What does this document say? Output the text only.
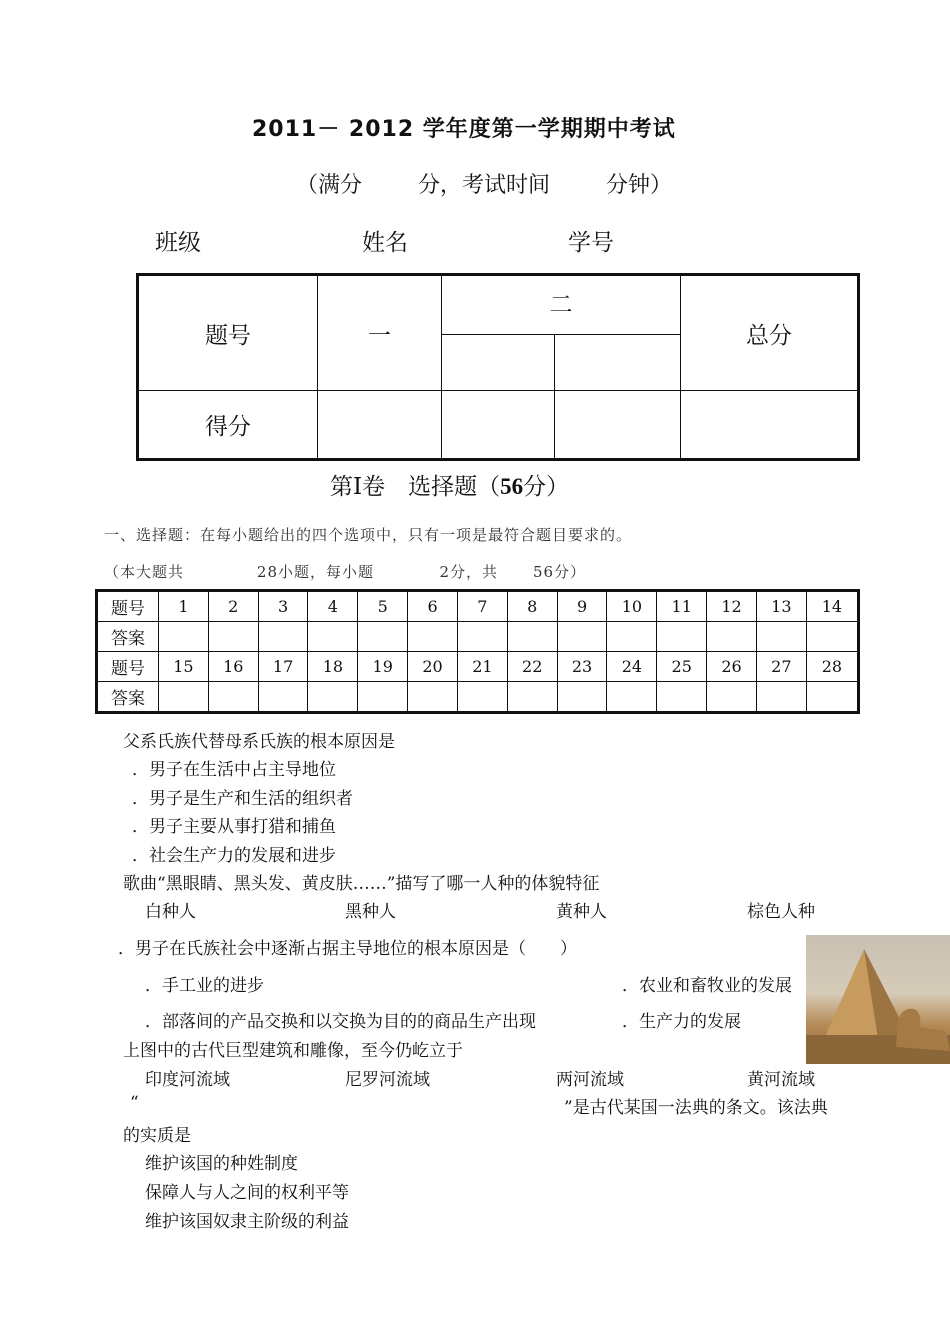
2011－ 2012 学年度第一学期期中考试
（满分	分，考试时间	分钟）
班级	姓名	学号
题号	一	二		总分

得分				
第Ⅰ卷　选择题（56分）
一、选择题：在每小题给出的四个选项中，只有一项是最符合题目要求的。
（本大题共	28小题，每小题	2分，共 56分）
题号	1	2	3	4	5	6	7	8	9	10	11	12	13	14
答案														
题号	15	16	17	18	19	20	21	22	23	24	25	26	27	28
答案														
父系氏族代替母系氏族的根本原因是
．男子在生活中占主导地位
．男子是生产和生活的组织者
．男子主要从事打猎和捕鱼
．社会生产力的发展和进步
歌曲“黑眼睛、黑头发、黄皮肤……”描写了哪一人种的体貌特征
白种人	黑种人	黄种人	棕色人种
．男子在氏族社会中逐渐占据主导地位的根本原因是（　　）
．手工业的进步	．农业和畜牧业的发展
．部落间的产品交换和以交换为目的的商品生产出现	．生产力的发展
上图中的古代巨型建筑和雕像，至今仍屹立于
印度河流域	尼罗河流域	两河流域	黄河流域
“	”是古代某国一法典的条文。该法典
的实质是
维护该国的种姓制度
保障人与人之间的权利平等
维护该国奴隶主阶级的利益
